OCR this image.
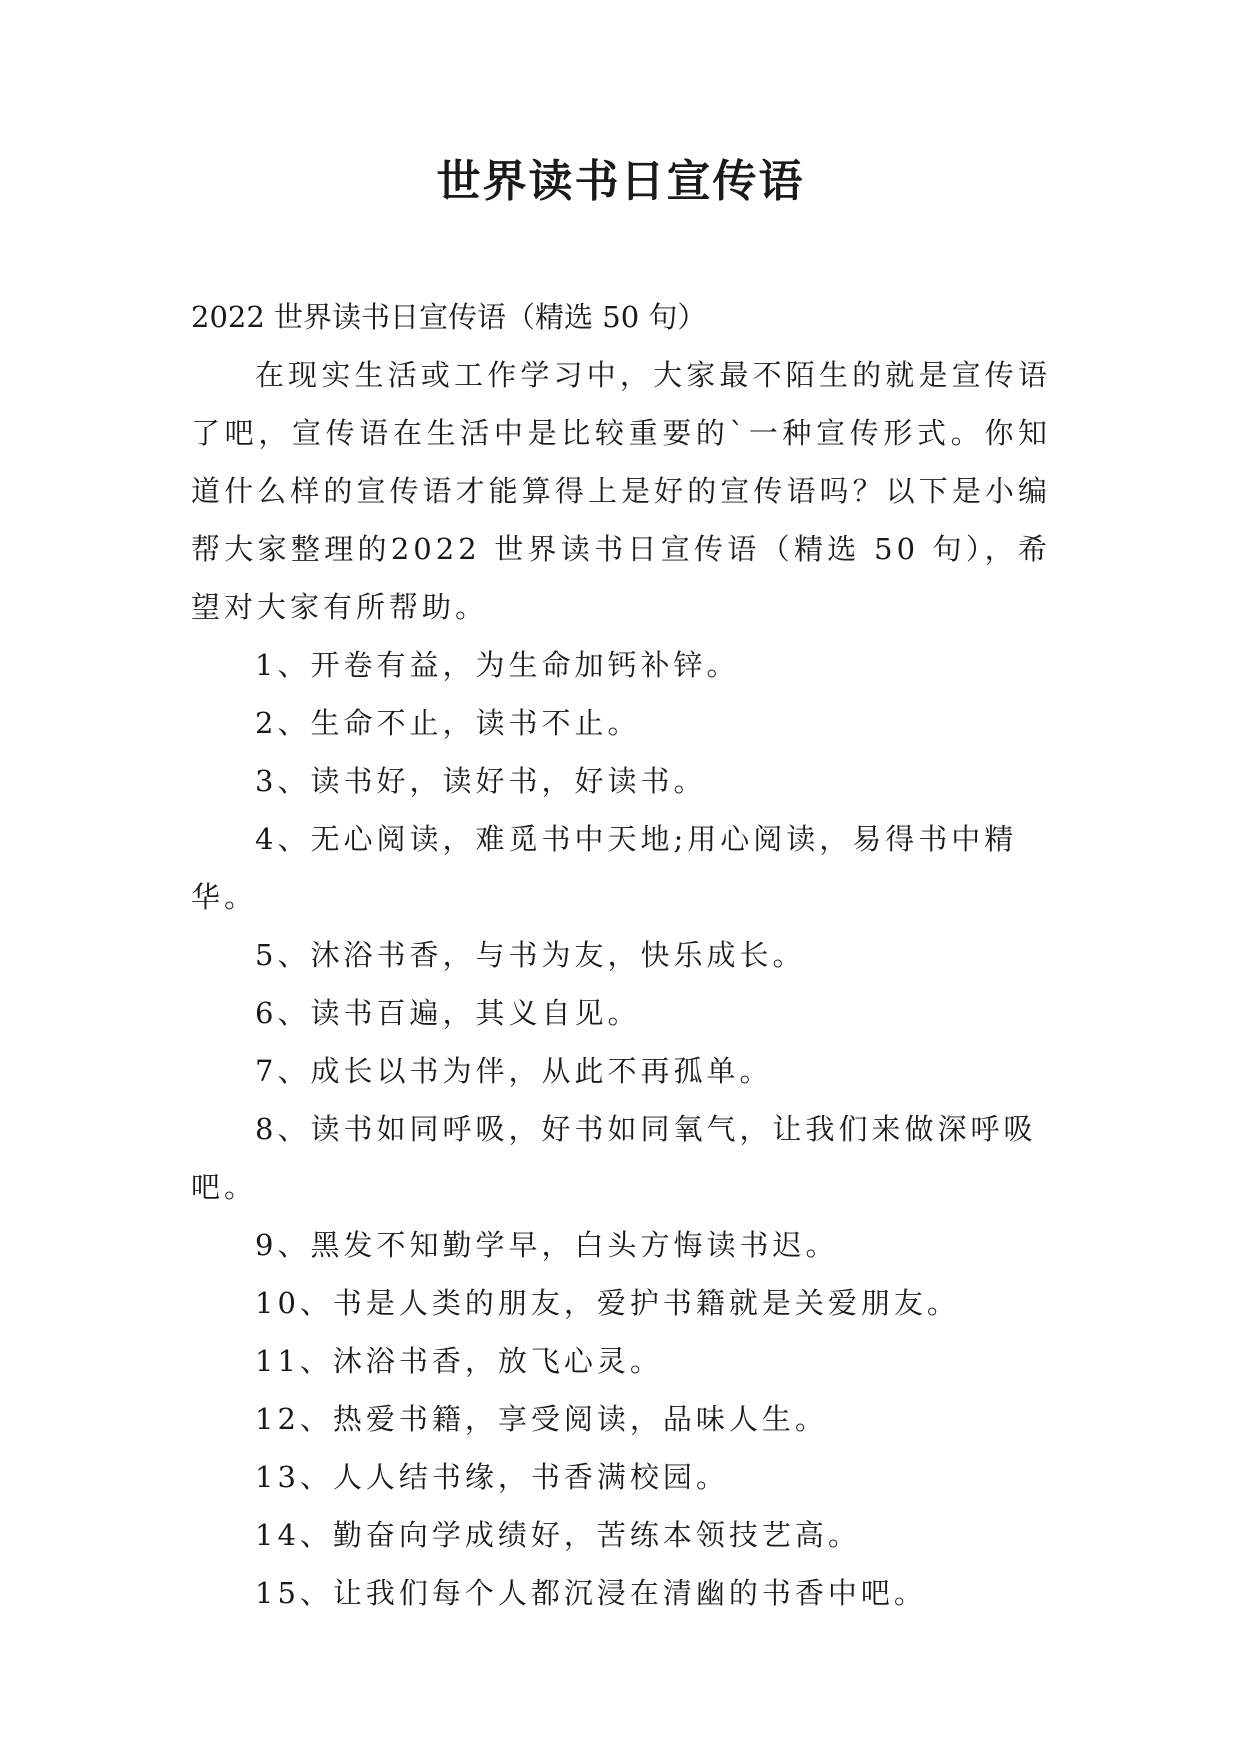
世界读书日宣传语

2022 世界读书日宣传语（精选 50 句）

在现实生活或工作学习中，大家最不陌生的就是宣传语了吧，宣传语在生活中是比较重要的`一种宣传形式。你知道什么样的宣传语才能算得上是好的宣传语吗？以下是小编帮大家整理的2022 世界读书日宣传语（精选 50 句），希望对大家有所帮助。

1、开卷有益，为生命加钙补锌。

2、生命不止，读书不止。

3、读书好，读好书，好读书。

4、无心阅读，难觅书中天地;用心阅读，易得书中精华。

5、沐浴书香，与书为友，快乐成长。

6、读书百遍，其义自见。

7、成长以书为伴，从此不再孤单。

8、读书如同呼吸，好书如同氧气，让我们来做深呼吸吧。

9、黑发不知勤学早，白头方悔读书迟。

10、书是人类的朋友，爱护书籍就是关爱朋友。

11、沐浴书香，放飞心灵。

12、热爱书籍，享受阅读，品味人生。

13、人人结书缘，书香满校园。

14、勤奋向学成绩好，苦练本领技艺高。

15、让我们每个人都沉浸在清幽的书香中吧。
